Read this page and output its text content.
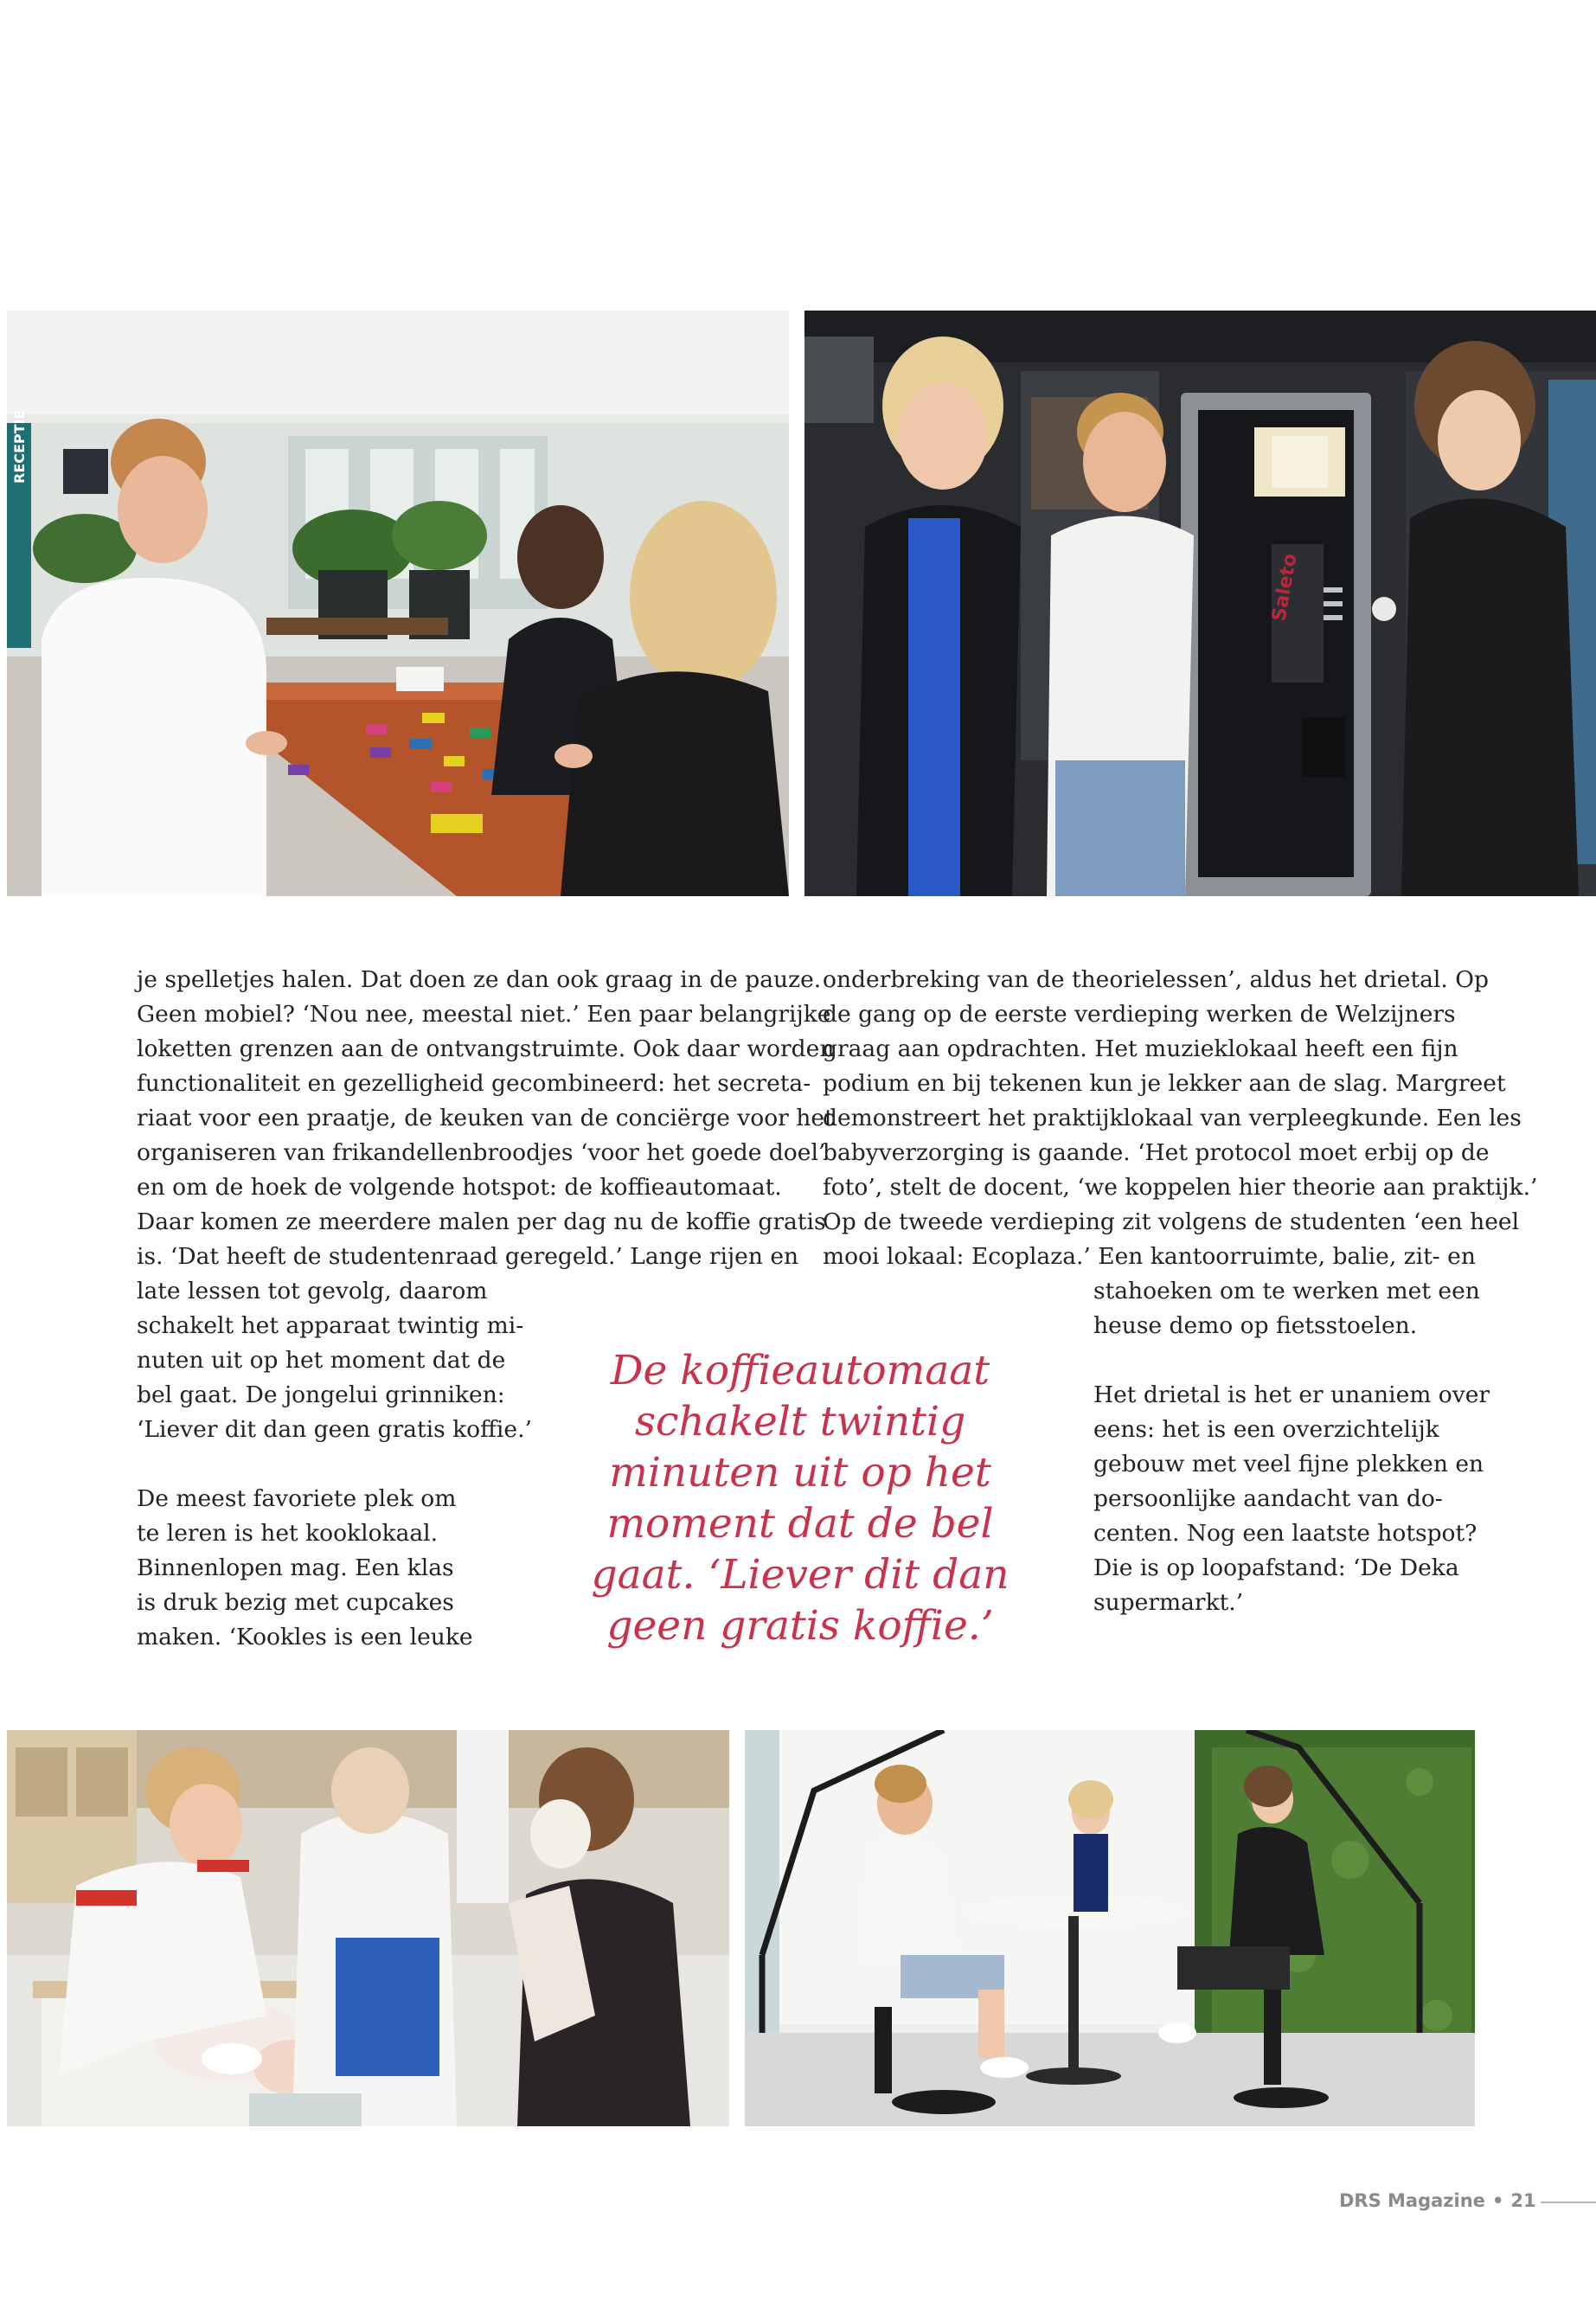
RECEPTIE
Saleto
je spelletjes halen. Dat doen ze dan ook graag in de pauze.
Geen mobiel? ‘Nou nee, meestal niet.’ Een paar belangrijke
loketten grenzen aan de ontvangstruimte. Ook daar worden
functionaliteit en gezelligheid gecombineerd: het secreta-
riaat voor een praatje, de keuken van de conciërge voor het
organiseren van frikandellenbroodjes ‘voor het goede doel’
en om de hoek de volgende hotspot: de koffieautomaat.
Daar komen ze meerdere malen per dag nu de koffie gratis
is. ‘Dat heeft de studentenraad geregeld.’ Lange rijen en
late lessen tot gevolg, daarom
schakelt het apparaat twintig mi-
nuten uit op het moment dat de
bel gaat. De jongelui grinniken:
‘Liever dit dan geen gratis koffie.’
De meest favoriete plek om
te leren is het kooklokaal.
Binnenlopen mag. Een klas
is druk bezig met cupcakes
maken. ‘Kookles is een leuke
onderbreking van de theorielessen’, aldus het drietal. Op
de gang op de eerste verdieping werken de Welzijners
graag aan opdrachten. Het muzieklokaal heeft een fijn
podium en bij tekenen kun je lekker aan de slag. Margreet
demonstreert het praktijklokaal van verpleegkunde. Een les
babyverzorging is gaande. ‘Het protocol moet erbij op de
foto’, stelt de docent, ‘we koppelen hier theorie aan praktijk.’
Op de tweede verdieping zit volgens de studenten ‘een heel
mooi lokaal: Ecoplaza.’ Een kantoorruimte, balie, zit- en
stahoeken om te werken met een
heuse demo op fietsstoelen.
Het drietal is het er unaniem over
eens: het is een overzichtelijk
gebouw met veel fijne plekken en
persoonlijke aandacht van do-
centen. Nog een laatste hotspot?
Die is op loopafstand: ‘De Deka
supermarkt.’
De koffieautomaat
schakelt twintig
minuten uit op het
moment dat de bel
gaat. ‘Liever dit dan
geen gratis koffie.’
DRS Magazine • 21
